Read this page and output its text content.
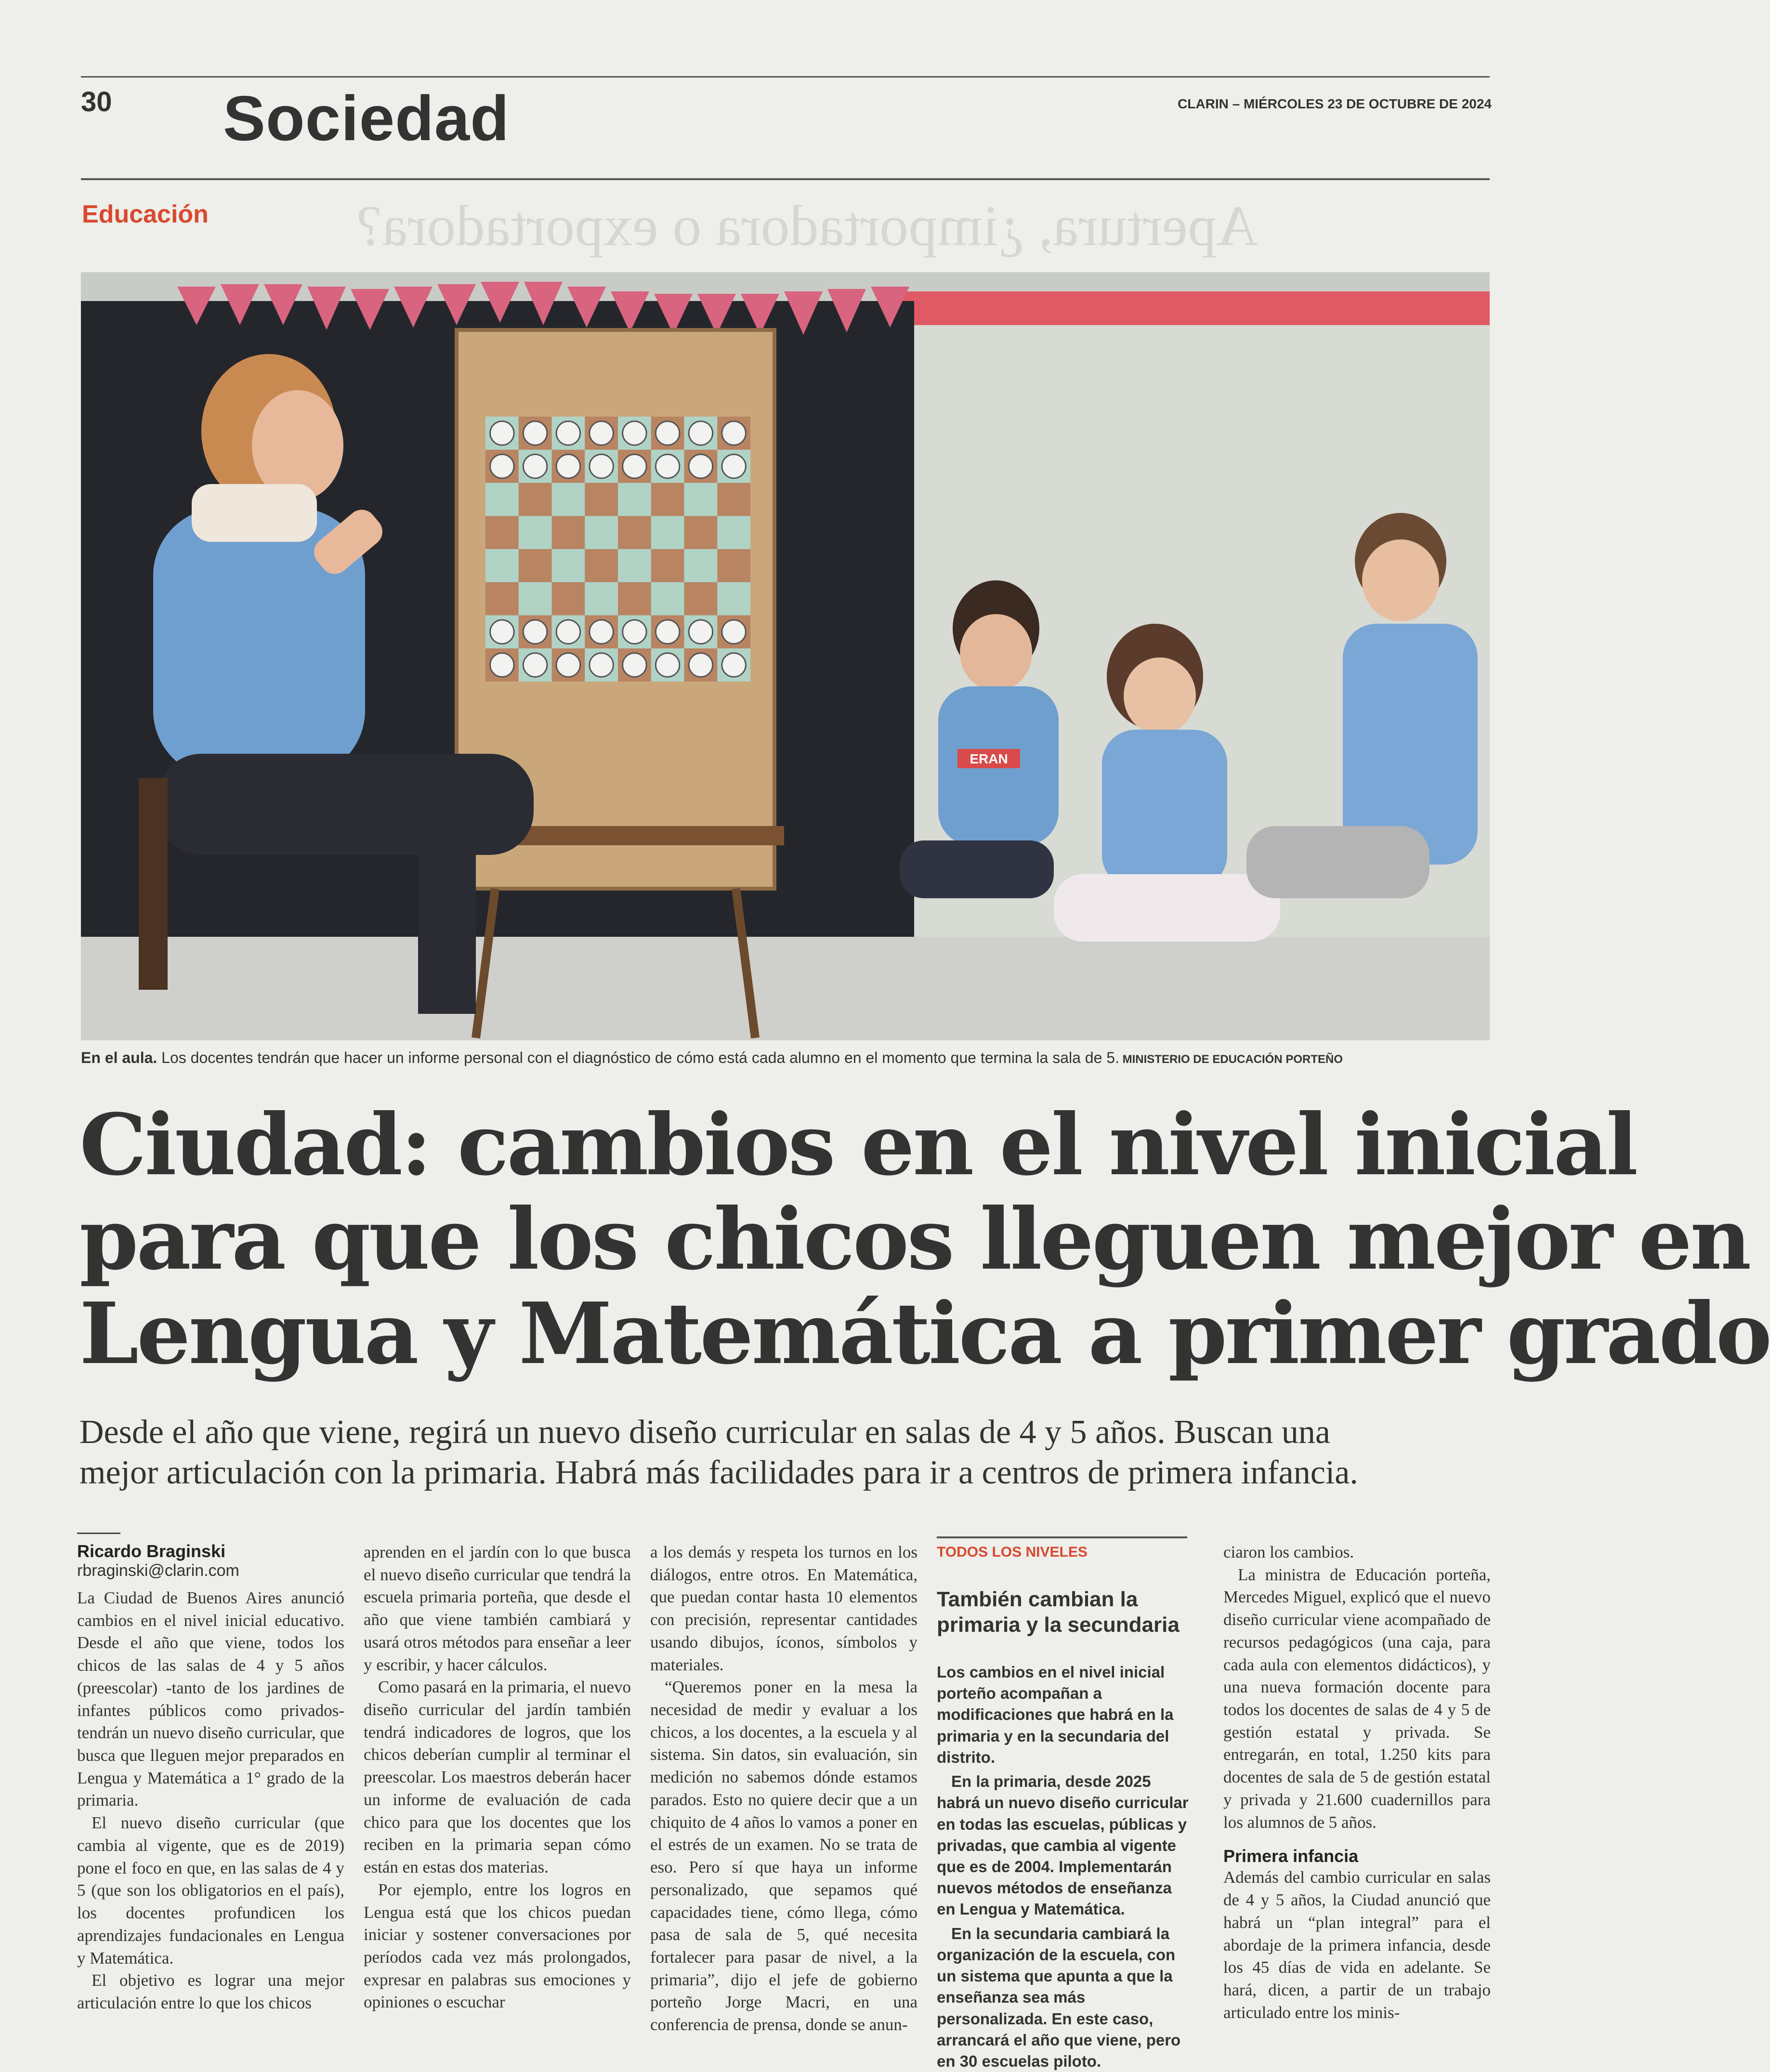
30 Sociedad	CLARIN – MIÉRCOLES 23 DE OCTUBRE DE 2024
Educación	Apertura, ¿importadora o exportadora?
ERAN
En el aula. Los docentes tendrán que hacer un informe personal con el diagnóstico de cómo está cada alumno en el momento que termina la sala de 5. MINISTERIO DE EDUCACIÓN PORTEÑO
Ciudad: cambios en el nivel inicial
para que los chicos lleguen mejor en
Lengua y Matemática a primer grado
Desde el año que viene, regirá un nuevo diseño curricular en salas de 4 y 5 años. Buscan una
mejor articulación con la primaria. Habrá más facilidades para ir a centros de primera infancia.

Ricardo Braginski

rbraginski@clarin.com

La Ciudad de Buenos Aires anunció cambios en el nivel inicial educativo. Desde el año que viene, todos los chicos de las salas de 4 y 5 años (preescolar) -tanto de los jardines de infantes públicos como privados- tendrán un nuevo diseño curricular, que busca que lleguen mejor preparados en Lengua y Matemática a 1° grado de la primaria.

El nuevo diseño curricular (que cambia al vigente, que es de 2019) pone el foco en que, en las salas de 4 y 5 (que son los obligatorios en el país), los docentes profundicen los aprendizajes fundacionales en Lengua y Matemática.

El objetivo es lograr una mejor articulación entre lo que los chicos

aprenden en el jardín con lo que busca el nuevo diseño curricular que tendrá la escuela primaria porteña, que desde el año que viene también cambiará y usará otros métodos para enseñar a leer y escribir, y hacer cálculos.

Como pasará en la primaria, el nuevo diseño curricular del jardín también tendrá indicadores de logros, que los chicos deberían cumplir al terminar el preescolar. Los maestros deberán hacer un informe de evaluación de cada chico para que los docentes que los reciben en la primaria sepan cómo están en estas dos materias.

Por ejemplo, entre los logros en Lengua está que los chicos puedan iniciar y sostener conversaciones por períodos cada vez más prolongados, expresar en palabras sus emociones y opiniones o escuchar

a los demás y respeta los turnos en los diálogos, entre otros. En Matemática, que puedan contar hasta 10 elementos con precisión, representar cantidades usando dibujos, íconos, símbolos y materiales.

“Queremos poner en la mesa la necesidad de medir y evaluar a los chicos, a los docentes, a la escuela y al sistema. Sin datos, sin evaluación, sin medición no sabemos dónde estamos parados. Esto no quiere decir que a un chiquito de 4 años lo vamos a poner en el estrés de un examen. No se trata de eso. Pero sí que haya un informe personalizado, que sepamos qué capacidades tiene, cómo llega, cómo pasa de sala de 5, qué necesita fortalecer para pasar de nivel, a la primaria”, dijo el jefe de gobierno porteño Jorge Macri, en una conferencia de prensa, donde se anun-

TODOS LOS NIVELES
También cambian la primaria y la secundaria

Los cambios en el nivel inicial porteño acompañan a modificaciones que habrá en la primaria y en la secundaria del distrito.

En la primaria, desde 2025 habrá un nuevo diseño curricular en todas las escuelas, públicas y privadas, que cambia al vigente que es de 2004. Implementarán nuevos métodos de enseñanza en Lengua y Matemática.

En la secundaria cambiará la organización de la escuela, con un sistema que apunta a que la enseñanza sea más personalizada. En este caso, arrancará el año que viene, pero en 30 escuelas piloto.

ciaron los cambios.

La ministra de Educación porteña, Mercedes Miguel, explicó que el nuevo diseño curricular viene acompañado de recursos pedagógicos (una caja, para cada aula con elementos didácticos), y una nueva formación docente para todos los docentes de salas de 4 y 5 de gestión estatal y privada. Se entregarán, en total, 1.250 kits para docentes de sala de 5 de gestión estatal y privada y 21.600 cuadernillos para los alumnos de 5 años.

Primera infancia

Además del cambio curricular en salas de 4 y 5 años, la Ciudad anunció que habrá un “plan integral” para el abordaje de la primera infancia, desde los 45 días de vida en adelante. Se hará, dicen, a partir de un trabajo articulado entre los minis-
